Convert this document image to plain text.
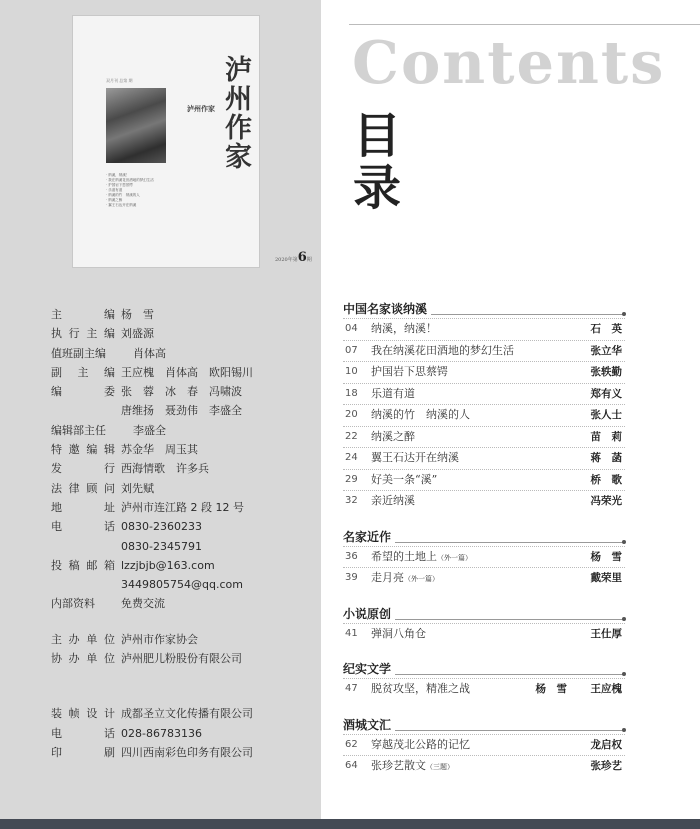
双月刊 总第 期	泸州作家
泸州作家
· 纳溪，纳溪！
· 我在纳溪花田酒地的梦幻生活
· 护国岩下思蔡锷
· 乐道有道
· 纳溪的竹　纳溪的人
· 纳溪之醉
· 翼王石达开在纳溪
2020年第6期
主	编 杨　雪
执 行 主 编 刘盛源
值班副主编	肖体高
副 主 编 王应槐 肖体高 欧阳锡川
编	委 张　蓉 冰　春 冯啸波
唐维扬 聂劲伟 李盛全
编辑部主任	李盛全
特 邀 编 辑 苏金华 周玉其
发	行 西海情歌 许多兵
法 律 顾 问 刘先赋
地	址 泸州市连江路 2 段 12 号
电	话 0830-2360233
0830-2345791
投 稿 邮 箱 lzzjbjb@163.com
3449805754@qq.com
内部资料	免费交流
主 办 单 位 泸州市作家协会
协 办 单 位 泸州肥儿粉股份有限公司
装 帧 设 计 成都圣立文化传播有限公司
电	话 028-86783136
印	刷 四川西南彩色印务有限公司
Contents
目
录
中国名家谈纳溪
04 纳溪，纳溪！	石　英
07 我在纳溪花田酒地的梦幻生活	张立华
10 护国岩下思蔡锷	张轶勤
18 乐道有道	郑有义
20 纳溪的竹　纳溪的人	张人士
22 纳溪之醉	苗　莉
24 翼王石达开在纳溪	蒋　菡
29 好美一条“溪”	桥　歌
32 亲近纳溪	冯荣光
名家近作
36 希望的土地上（外一篇）	杨　雪
39 走月亮（外一篇）	戴荣里
小说原创
41 弹洞八角仓	王仕厚
纪实文学
47 脱贫攻坚，精准之战	杨　雪 王应槐
酒城文汇
62 穿越茂北公路的记忆	龙启权
64 张珍艺散文（三题）	张珍艺
